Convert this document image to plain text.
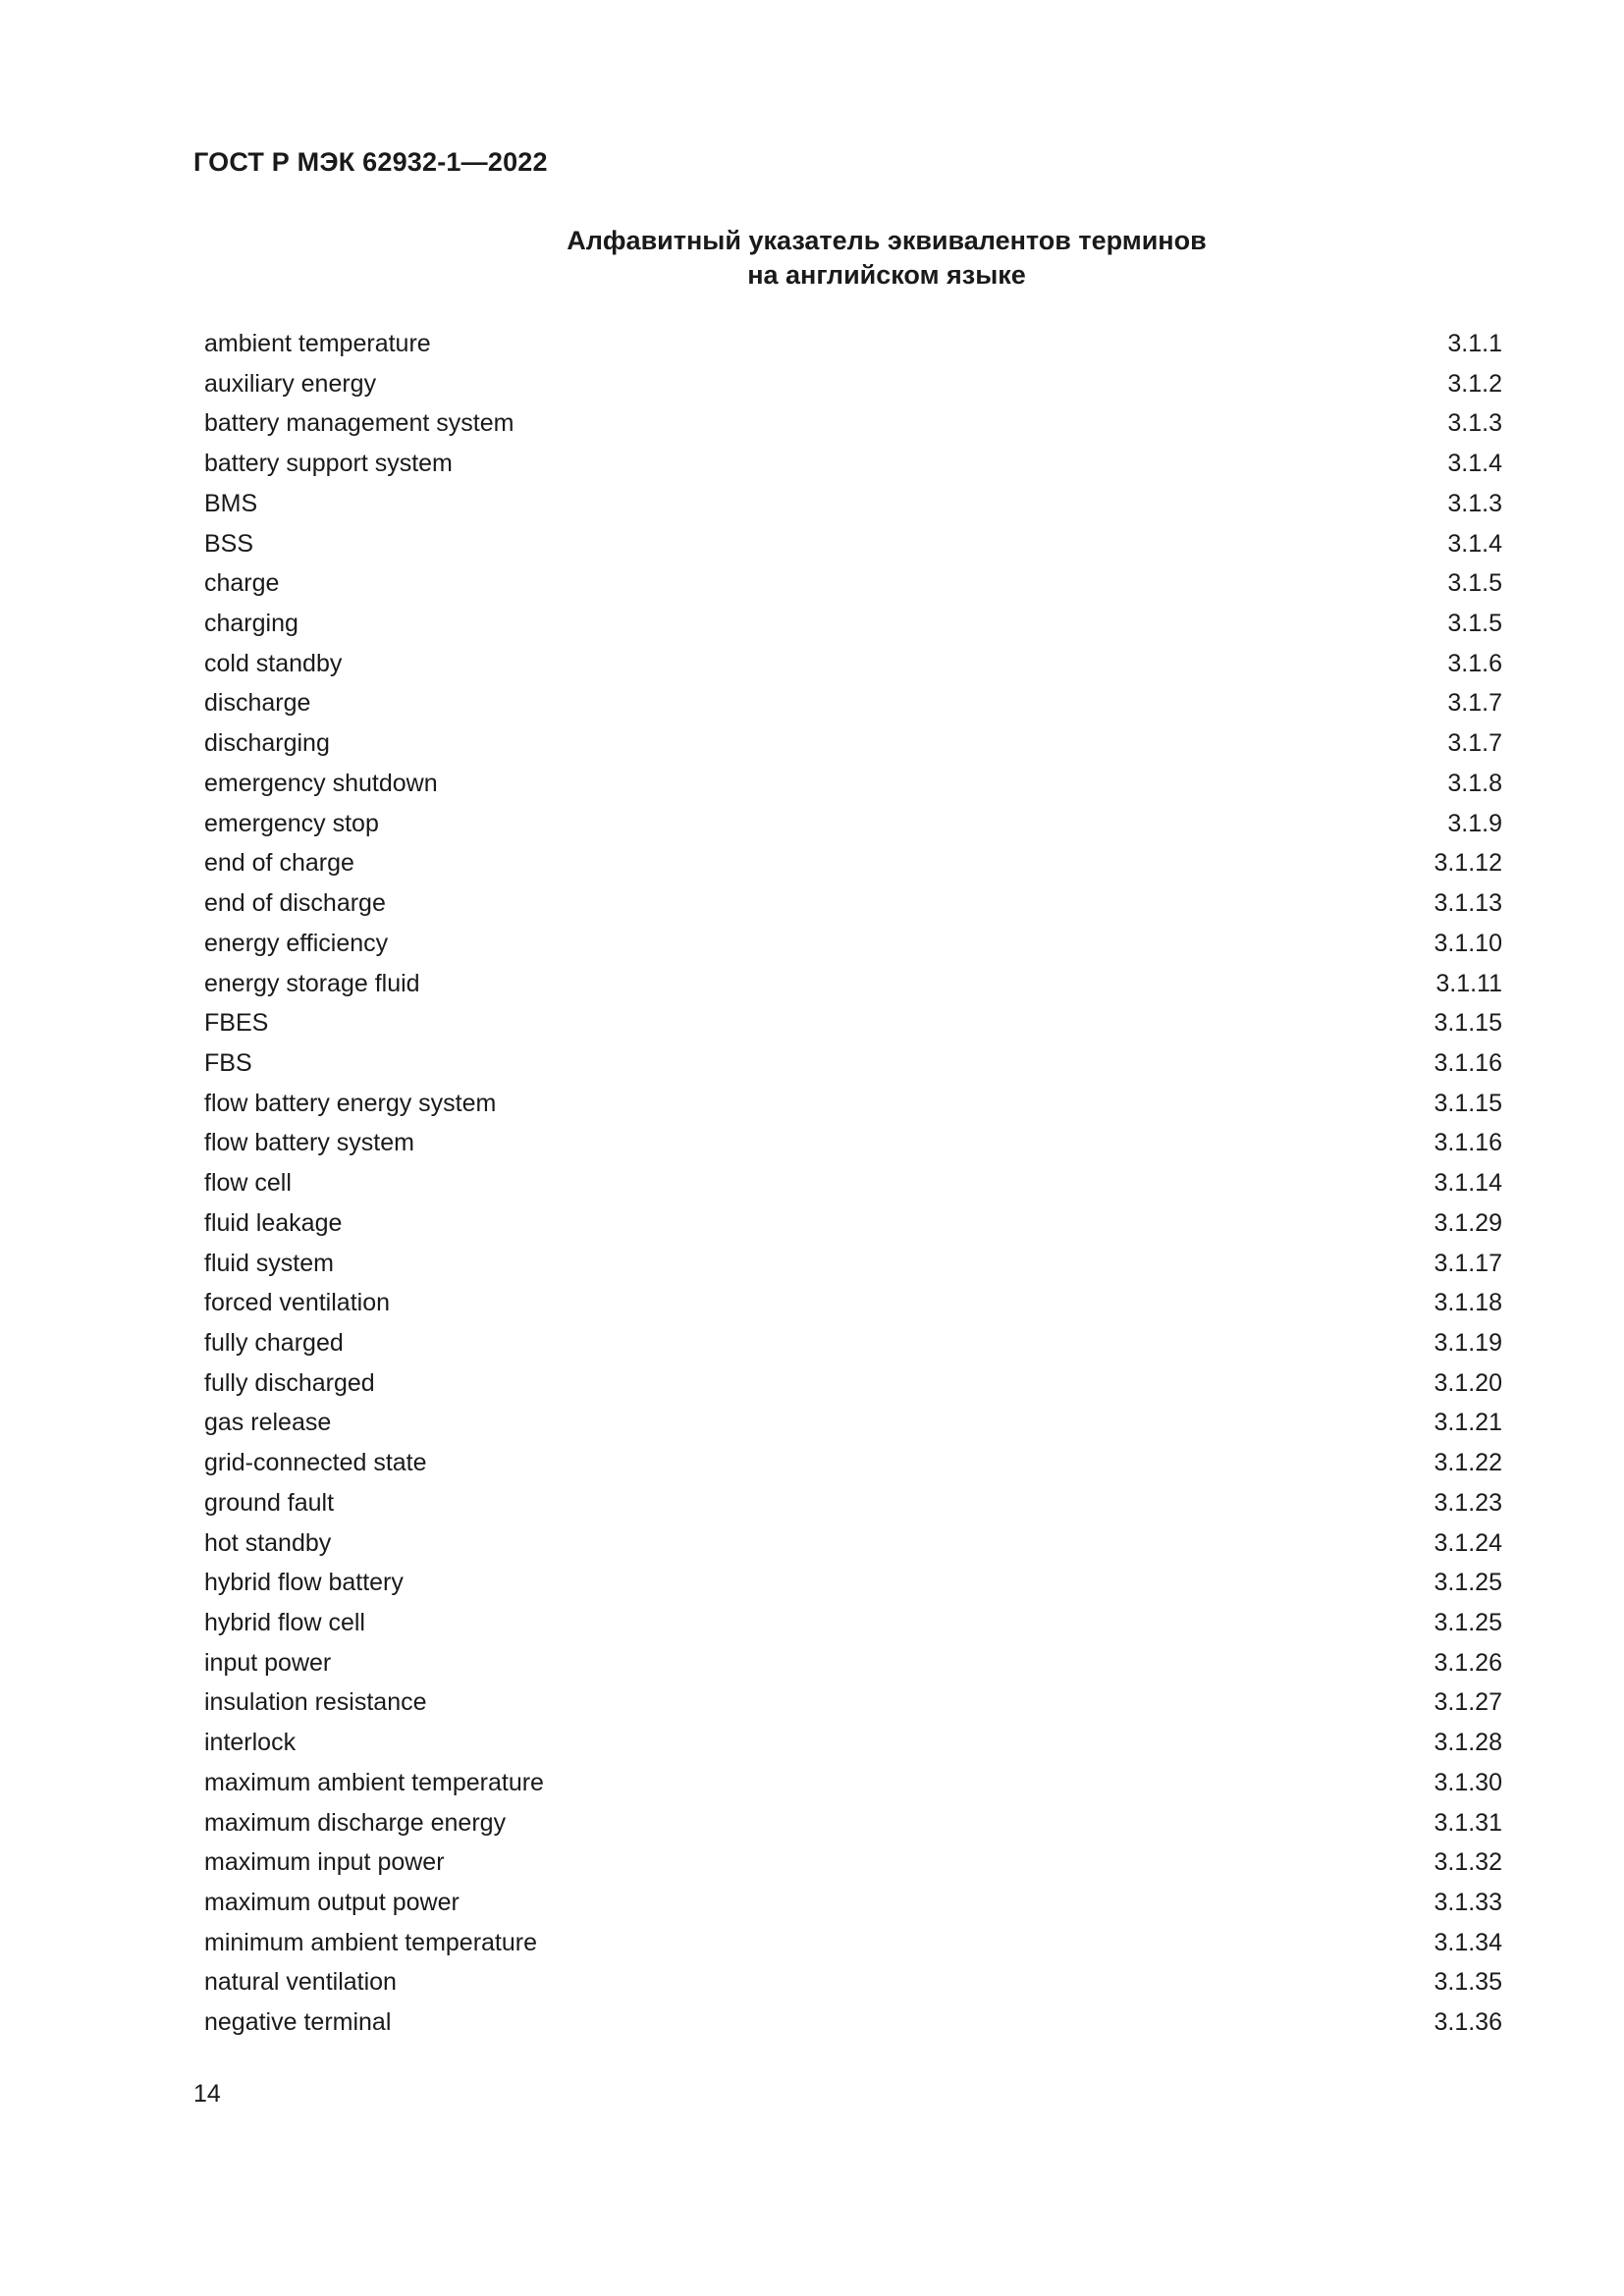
ГОСТ Р МЭК 62932-1—2022

Алфавитный указатель эквивалентов терминов
на английском языке
ambient temperature	3.1.1
auxiliary energy	3.1.2
battery management system	3.1.3
battery support system	3.1.4
BMS	3.1.3
BSS	3.1.4
charge	3.1.5
charging	3.1.5
cold standby	3.1.6
discharge	3.1.7
discharging	3.1.7
emergency shutdown	3.1.8
emergency stop	3.1.9
end of charge	3.1.12
end of discharge	3.1.13
energy efficiency	3.1.10
energy storage fluid	3.1.11
FBES	3.1.15
FBS	3.1.16
flow battery energy system	3.1.15
flow battery system	3.1.16
flow cell	3.1.14
fluid leakage	3.1.29
fluid system	3.1.17
forced ventilation	3.1.18
fully charged	3.1.19
fully discharged	3.1.20
gas release	3.1.21
grid-connected state	3.1.22
ground fault	3.1.23
hot standby	3.1.24
hybrid flow battery	3.1.25
hybrid flow cell	3.1.25
input power	3.1.26
insulation resistance	3.1.27
interlock	3.1.28
maximum ambient temperature	3.1.30
maximum discharge energy	3.1.31
maximum input power	3.1.32
maximum output power	3.1.33
minimum ambient temperature	3.1.34
natural ventilation	3.1.35
negative terminal	3.1.36

14
